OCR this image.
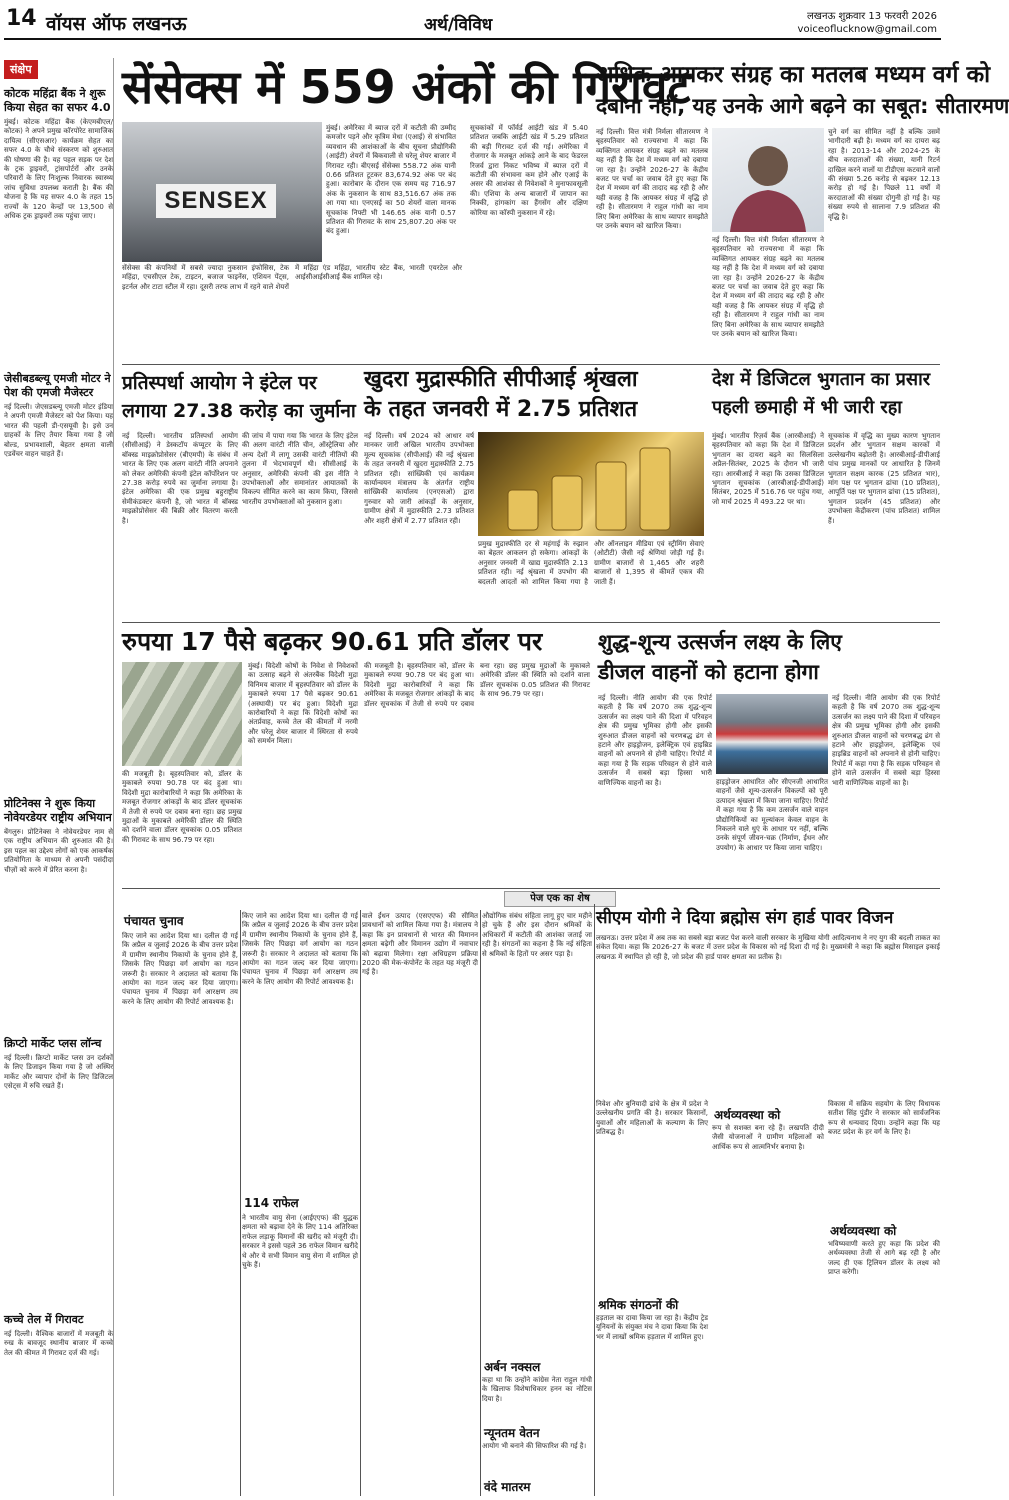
14 वॉयस ऑफ लखनऊ	अर्थ/विविध	लखनऊ शुक्रवार 13 फरवरी 2026
voiceoflucknow@gmail.com
संक्षेप
कोटक महिंद्रा बैंक ने शुरू किया सेहत का सफर 4.0
मुंबई। कोटक महिंद्रा बैंक (केएमबीएल/कोटक) ने अपने प्रमुख कॉरपोरेट सामाजिक दायित्व (सीएसआर) कार्यक्रम सेहत का सफर 4.0 के चौथे संस्करण को शुरुआत की घोषणा की है। यह पहल सड़क पर देश के ट्रक ड्राइवरों, ट्रांसपोर्टरों और उनके परिवारों के लिए निःशुल्क निवारक स्वास्थ्य जांच सुविधा उपलब्ध कराती है। बैंक की योजना है कि यह सफर 4.0 के तहत 15 राज्यों के 120 केन्द्रों पर 13,500 से अधिक ट्रक ड्राइवरों तक पहुंचा जाए।
जेसीबडब्ल्यू एमजी मोटर ने पेश की एमजी मैजेस्टर
नई दिल्ली। जेएसडब्ल्यू एमजी मोटर इंडिया ने अपनी एमजी मैजेस्टर को पेश किया। यह भारत की पहली डी-एसयूवी है। इसे उन ग्राहकों के लिए तैयार किया गया है जो बोल्ड, प्रभावशाली, बेहतर क्षमता वाली एडवेंचर वाहन चाहते हैं।
प्रोटिनेक्स ने शुरू किया नोवेयरडेयर राष्ट्रीय अभियान
बेंगलुरु। प्रोटिनेक्स ने नोवेयरडेयर नाम से एक राष्ट्रीय अभियान की शुरुआत की है। इस पहल का उद्देश्य लोगों को एक आकर्षक प्रतियोगिता के माध्यम से अपनी पसंदीदा चीज़ों को करने में प्रेरित करना है।
क्रिप्टो मार्केट प्लस लॉन्च
नई दिल्ली। क्रिप्टो मार्केट प्लस उन दर्शकों के लिए डिजाइन किया गया है जो अस्थिर मार्केट और व्यापार दोनों के लिए डिजिटल एसेट्स में रुचि रखते हैं।
कच्चे तेल में गिरावट
नई दिल्ली। वैश्विक बाजारों में मजबूती के रुख के बावजूद स्थानीय बाजार में कच्चे तेल की कीमत में गिरावट दर्ज की गई।
सेंसेक्स में 559 अंकों की गिरावट
SENSEX
मुंबई। अमेरिका में ब्याज दरों में कटौती की उम्मीद कमजोर पड़ने और कृत्रिम मेधा (एआई) से संभावित व्यवधान की आशंकाओं के बीच सूचना प्रौद्योगिकी (आईटी) शेयरों में बिकवाली से घरेलू शेयर बाजार में गिरावट रही। बीएसई सेंसेक्स 558.72 अंक यानी 0.66 प्रतिशत टूटकर 83,674.92 अंक पर बंद हुआ। कारोबार के दौरान एक समय यह 716.97 अंक के नुकसान के साथ 83,516.67 अंक तक आ गया था। एनएसई का 50 शेयरों वाला मानक सूचकांक निफ्टी भी 146.65 अंक यानी 0.57 प्रतिशत की गिरावट के साथ 25,807.20 अंक पर बंद हुआ।
सेंसेक्स की कंपनियों में सबसे ज्यादा नुकसान इंफोसिस, टेक महिंद्रा, एचसीएल टेक, टाइटन, बजाज फाइनेंस, एशियन पेंट्स, इटर्नल और टाटा स्टील में रहा। दूसरी तरफ लाभ में रहने वाले शेयरों में महिंद्रा एंड महिंद्रा, भारतीय स्टेट बैंक, भारती एयरटेल और आईसीआईसीआई बैंक शामिल रहे।
सूचकांकों में फॉर्वर्ड आईटी खंड में 5.40 प्रतिशत जबकि आईटी खंड में 5.29 प्रतिशत की बड़ी गिरावट दर्ज की गई। अमेरिका में रोजगार के मजबूत आंकड़े आने के बाद फेडरल रिजर्व द्वारा निकट भविष्य में ब्याज दरों में कटौती की संभावना कम होने और एआई के असर की आशंका से निवेशकों ने मुनाफावसूली की। एशिया के अन्य बाजारों में जापान का निक्की, हांगकांग का हैंगसेंग और दक्षिण कोरिया का कॉस्पी नुकसान में रहे।
अधिक आयकर संग्रह का मतलब मध्यम वर्ग को
दबाना नहीं, यह उनके आगे बढ़ने का सबूत: सीतारमण
नई दिल्ली। वित्त मंत्री निर्मला सीतारमण ने बृहस्पतिवार को राज्यसभा में कहा कि व्यक्तिगत आयकर संग्रह बढ़ने का मतलब यह नहीं है कि देश में मध्यम वर्ग को दबाया जा रहा है। उन्होंने 2026-27 के केंद्रीय बजट पर चर्चा का जवाब देते हुए कहा कि देश में मध्यम वर्ग की तादाद बढ़ रही है और यही वजह है कि आयकर संग्रह में वृद्धि हो रही है। सीतारमण ने राहुल गांधी का नाम लिए बिना अमेरिका के साथ व्यापार समझौते पर उनके बयान को खारिज किया।
नई दिल्ली। वित्त मंत्री निर्मला सीतारमण ने बृहस्पतिवार को राज्यसभा में कहा कि व्यक्तिगत आयकर संग्रह बढ़ने का मतलब यह नहीं है कि देश में मध्यम वर्ग को दबाया जा रहा है। उन्होंने 2026-27 के केंद्रीय बजट पर चर्चा का जवाब देते हुए कहा कि देश में मध्यम वर्ग की तादाद बढ़ रही है और यही वजह है कि आयकर संग्रह में वृद्धि हो रही है। सीतारमण ने राहुल गांधी का नाम लिए बिना अमेरिका के साथ व्यापार समझौते पर उनके बयान को खारिज किया।
चुने वर्ग का सीमित नहीं है बल्कि उसमें भागीदारी बढ़ी है। मध्यम वर्ग का दायरा बढ़ रहा है। 2013-14 और 2024-25 के बीच करदाताओं की संख्या, यानी रिटर्न दाखिल करने वालों या टीडीएस कटवाने वालों की संख्या 5.26 करोड़ से बढ़कर 12.13 करोड़ हो गई है। पिछले 11 वर्षों में करदाताओं की संख्या दोगुनी हो गई है। यह संख्या रुपये से सालाना 7.9 प्रतिशत की वृद्धि है।
प्रतिस्पर्धा आयोग ने इंटेल पर
लगाया 27.38 करोड़ का जुर्माना
नई दिल्ली। भारतीय प्रतिस्पर्धा आयोग (सीसीआई) ने डेस्कटॉप कंप्यूटर के लिए बॉक्स्ड माइक्रोप्रोसेसर (बीएमपी) के संबंध में भारत के लिए एक अलग वारंटी नीति अपनाने को लेकर अमेरिकी कंपनी इंटेल कॉर्पोरेशन पर 27.38 करोड़ रुपये का जुर्माना लगाया है। इंटेल अमेरिका की एक प्रमुख बहुराष्ट्रीय सेमीकंडक्टर कंपनी है, जो भारत में बॉक्स्ड माइक्रोप्रोसेसर की बिक्री और वितरण करती है।
की जांच में पाया गया कि भारत के लिए इंटेल की अलग वारंटी नीति चीन, ऑस्ट्रेलिया और अन्य देशों में लागू उसकी वारंटी नीतियों की तुलना में भेदभावपूर्ण थी। सीसीआई के अनुसार, अमेरिकी कंपनी की इस नीति ने उपभोक्ताओं और समानांतर आयातकों के विकल्प सीमित करने का काम किया, जिससे भारतीय उपभोक्ताओं को नुकसान हुआ।
खुदरा मुद्रास्फीति सीपीआई श्रृंखला
के तहत जनवरी में 2.75 प्रतिशत
नई दिल्ली। वर्ष 2024 को आधार वर्ष मानकर जारी अखिल भारतीय उपभोक्ता मूल्य सूचकांक (सीपीआई) की नई श्रृंखला के तहत जनवरी में खुदरा मुद्रास्फीति 2.75 प्रतिशत रही। सांख्यिकी एवं कार्यक्रम कार्यान्वयन मंत्रालय के अंतर्गत राष्ट्रीय सांख्यिकी कार्यालय (एनएसओ) द्वारा गुरुवार को जारी आंकड़ों के अनुसार, ग्रामीण क्षेत्रों में मुद्रास्फीति 2.73 प्रतिशत और शहरी क्षेत्रों में 2.77 प्रतिशत रही।
प्रमुख मुद्रास्फीति दर से महंगाई के रुझान का बेहतर आकलन हो सकेगा। आंकड़ों के अनुसार जनवरी में खाद्य मुद्रास्फीति 2.13 प्रतिशत रही। नई श्रृंखला में उपभोग की बदलती आदतों को शामिल किया गया है और ऑनलाइन मीडिया एवं स्ट्रीमिंग सेवाएं (ओटीटी) जैसी नई श्रेणियां जोड़ी गई हैं। ग्रामीण बाजारों से 1,465 और शहरी बाजारों से 1,395 से कीमतें एकत्र की जाती हैं।
देश में डिजिटल भुगतान का प्रसार
पहली छमाही में भी जारी रहा
मुंबई। भारतीय रिज़र्व बैंक (आरबीआई) ने बृहस्पतिवार को कहा कि देश में डिजिटल भुगतान का दायरा बढ़ने का सिलसिला अप्रैल-सितंबर, 2025 के दौरान भी जारी रहा। आरबीआई ने कहा कि उसका डिजिटल भुगतान सूचकांक (आरबीआई-डीपीआई) सितंबर, 2025 में 516.76 पर पहुंच गया, जो मार्च 2025 में 493.22 पर था।
सूचकांक में वृद्धि का मुख्य कारण भुगतान प्रदर्शन और भुगतान सक्षम कारकों में उल्लेखनीय बढ़ोतरी है। आरबीआई-डीपीआई पांच प्रमुख मानकों पर आधारित है जिनमें भुगतान सक्षम कारक (25 प्रतिशत भार), मांग पक्ष पर भुगतान ढांचा (10 प्रतिशत), आपूर्ति पक्ष पर भुगतान ढांचा (15 प्रतिशत), भुगतान प्रदर्शन (45 प्रतिशत) और उपभोक्ता केंद्रीकरण (पांच प्रतिशत) शामिल हैं।
रुपया 17 पैसे बढ़कर 90.61 प्रति डॉलर पर
मुंबई। विदेशी कोषों के निवेश से निवेशकों का उत्साह बढ़ने से अंतरबैंक विदेशी मुद्रा विनिमय बाजार में बृहस्पतिवार को डॉलर के मुकाबले रुपया 17 पैसे बढ़कर 90.61 (अस्थायी) पर बंद हुआ। विदेशी मुद्रा कारोबारियों ने कहा कि विदेशी कोषों का अंतर्प्रवाह, कच्चे तेल की कीमतों में नरमी और घरेलू शेयर बाजार में स्थिरता से रुपये को समर्थन मिला।
की मजबूती है। बृहस्पतिवार को, डॉलर के मुकाबले रुपया 90.78 पर बंद हुआ था। विदेशी मुद्रा कारोबारियों ने कहा कि अमेरिका के मजबूत रोजगार आंकड़ों के बाद डॉलर सूचकांक में तेजी से रुपये पर दबाव बना रहा। छह प्रमुख मुद्राओं के मुकाबले अमेरिकी डॉलर की स्थिति को दर्शाने वाला डॉलर सूचकांक 0.05 प्रतिशत की गिरावट के साथ 96.79 पर रहा।
की मजबूती है। बृहस्पतिवार को, डॉलर के मुकाबले रुपया 90.78 पर बंद हुआ था। विदेशी मुद्रा कारोबारियों ने कहा कि अमेरिका के मजबूत रोजगार आंकड़ों के बाद डॉलर सूचकांक में तेजी से रुपये पर दबाव बना रहा। छह प्रमुख मुद्राओं के मुकाबले अमेरिकी डॉलर की स्थिति को दर्शाने वाला डॉलर सूचकांक 0.05 प्रतिशत की गिरावट के साथ 96.79 पर रहा।
शुद्ध-शून्य उत्सर्जन लक्ष्य के लिए
डीजल वाहनों को हटाना होगा
नई दिल्ली। नीति आयोग की एक रिपोर्ट कहती है कि वर्ष 2070 तक शुद्ध-शून्य उत्सर्जन का लक्ष्य पाने की दिशा में परिवहन क्षेत्र की प्रमुख भूमिका होगी और इसकी शुरुआत डीजल वाहनों को चरणबद्ध ढंग से हटाने और हाइड्रोजन, इलेक्ट्रिक एवं हाइब्रिड वाहनों को अपनाने से होनी चाहिए। रिपोर्ट में कहा गया है कि सड़क परिवहन से होने वाले उत्सर्जन में सबसे बड़ा हिस्सा भारी वाणिज्यिक वाहनों का है।	हाइड्रोजन आधारित और सीएनजी आधारित वाहनों जैसे शून्य-उत्सर्जन विकल्पों को पूरी उत्पादन श्रृंखला में किया जाना चाहिए। रिपोर्ट में कहा गया है कि कम उत्सर्जन वाले वाहन प्रौद्योगिकियों का मूल्यांकन केवल वाहन के निकलने वाले धुएं के आधार पर नहीं, बल्कि उनके संपूर्ण जीवन-चक्र (निर्माण, ईंधन और उपयोग) के आधार पर किया जाना चाहिए।
नई दिल्ली। नीति आयोग की एक रिपोर्ट कहती है कि वर्ष 2070 तक शुद्ध-शून्य उत्सर्जन का लक्ष्य पाने की दिशा में परिवहन क्षेत्र की प्रमुख भूमिका होगी और इसकी शुरुआत डीजल वाहनों को चरणबद्ध ढंग से हटाने और हाइड्रोजन, इलेक्ट्रिक एवं हाइब्रिड वाहनों को अपनाने से होनी चाहिए। रिपोर्ट में कहा गया है कि सड़क परिवहन से होने वाले उत्सर्जन में सबसे बड़ा हिस्सा भारी वाणिज्यिक वाहनों का है।
पेज एक का शेष
पंचायत चुनाव
किए जाने का आदेश दिया था। दलील दी गई कि अप्रैल व जुलाई 2026 के बीच उत्तर प्रदेश में ग्रामीण स्थानीय निकायों के चुनाव होने हैं, जिसके लिए पिछड़ा वर्ग आयोग का गठन जरूरी है। सरकार ने अदालत को बताया कि आयोग का गठन जल्द कर दिया जाएगा। पंचायत चुनाव में पिछड़ा वर्ग आरक्षण तय करने के लिए आयोग की रिपोर्ट आवश्यक है।
किए जाने का आदेश दिया था। दलील दी गई कि अप्रैल व जुलाई 2026 के बीच उत्तर प्रदेश में ग्रामीण स्थानीय निकायों के चुनाव होने हैं, जिसके लिए पिछड़ा वर्ग आयोग का गठन जरूरी है। सरकार ने अदालत को बताया कि आयोग का गठन जल्द कर दिया जाएगा। पंचायत चुनाव में पिछड़ा वर्ग आरक्षण तय करने के लिए आयोग की रिपोर्ट आवश्यक है।
114 राफेल
ने भारतीय वायु सेना (आईएएफ) की युद्धक क्षमता को बढ़ावा देने के लिए 114 अतिरिक्त राफेल लड़ाकू विमानों की खरीद को मंजूरी दी। सरकार ने इससे पहले 36 राफेल विमान खरीदे थे और ये सभी विमान वायु सेना में शामिल हो चुके हैं।
वाले ईंधन उत्पाद (एसएएफ) की सीमित प्रावधानों को शामिल किया गया है। मंत्रालय ने कहा कि इन प्रावधानों से भारत की विमानन क्षमता बढ़ेगी और विमानन उद्योग में नवाचार को बढ़ावा मिलेगा। रक्षा अधिग्रहण प्रक्रिया 2020 की मेक-कंपोनेंट के तहत यह मंजूरी दी गई है।
औद्योगिक संबंध संहिता लागू हुए चार महीने हो चुके हैं और इस दौरान श्रमिकों के अधिकारों में कटौती की आशंका जताई जा रही है। संगठनों का कहना है कि नई संहिता से श्रमिकों के हितों पर असर पड़ा है।
अर्बन नक्सल
कहा था कि उन्होंने कांग्रेस नेता राहुल गांधी के खिलाफ विशेषाधिकार हनन का नोटिस दिया है।
न्यूनतम वेतन
आयोग भी बनाने की सिफारिश की गई है।
वंदे मातरम
सीएम योगी ने दिया ब्रह्मोस संग हार्ड पावर विजन
लखनऊ। उत्तर प्रदेश में अब तक का सबसे बड़ा बजट पेश करने वाली सरकार के मुखिया योगी आदित्यनाथ ने नए युग की बदली ताकत का संकेत दिया। कहा कि 2026-27 के बजट में उत्तर प्रदेश के विकास को नई दिशा दी गई है। मुख्यमंत्री ने कहा कि ब्रह्मोस मिसाइल इकाई लखनऊ में स्थापित हो रही है, जो प्रदेश की हार्ड पावर क्षमता का प्रतीक है।
निवेश और बुनियादी ढांचे के क्षेत्र में प्रदेश ने उल्लेखनीय प्रगति की है। सरकार किसानों, युवाओं और महिलाओं के कल्याण के लिए प्रतिबद्ध है।
श्रमिक संगठनों की
हड़ताल का दावा किया जा रहा है। केंद्रीय ट्रेड यूनियनों के संयुक्त मंच ने दावा किया कि देश भर में लाखों श्रमिक हड़ताल में शामिल हुए।
अर्थव्यवस्था को
रूप से सशक्त बना रहे हैं। लखपति दीदी जैसी योजनाओं ने ग्रामीण महिलाओं को आर्थिक रूप से आत्मनिर्भर बनाया है।
विकास में सक्रिय सहयोग के लिए विधायक सतीश सिंह पुंडीर ने सरकार को सार्वजनिक रूप से धन्यवाद दिया। उन्होंने कहा कि यह बजट प्रदेश के हर वर्ग के लिए है।
अर्थव्यवस्था को
भविष्यवाणी करते हुए कहा कि प्रदेश की अर्थव्यवस्था तेजी से आगे बढ़ रही है और जल्द ही एक ट्रिलियन डॉलर के लक्ष्य को प्राप्त करेगी।
